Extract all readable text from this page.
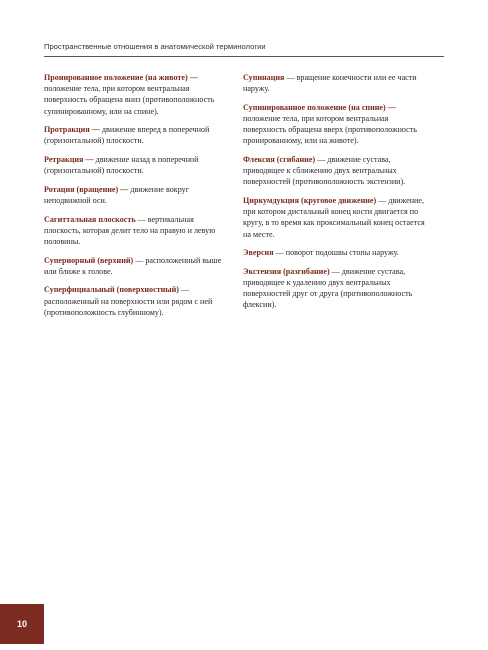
Пространственные отношения в анатомической терминологии

Пронированное положение (на животе) — положение тела, при котором вентральная поверхность обращена вниз (противоположность супинированному, или на спине).

Протракция — движение вперед в поперечной (горизонтальной) плоскости.

Ретракция — движение назад в поперечной (горизонтальной) плоскости.

Ротация (вращение) — движение вокруг неподвижной оси.

Сагиттальная плоскость — вертикальная плоскость, которая делит тело на правую и левую половины.

Супериорный (верхний) — расположенный выше или ближе к голове.

Суперфициальный (поверхностный) — расположенный на поверхности или рядом с ней (противоположность глубинному).

Супинация — вращение конечности или ее части наружу.

Супинированное положение (на спине) — положение тела, при котором вентральная поверхность обращена вверх (противоположность пронированному, или на животе).

Флексия (сгибание) — движение сустава, приводящее к сближению двух вентральных поверхностей (противоположность экстензии).

Циркумдукция (круговое движение) — движение, при котором дистальный конец кости двигается по кругу, в то время как проксимальный конец остается на месте.

Эверсия — поворот подошвы стопы наружу.

Экстензия (разгибание) — движение сустава, приводящее к удалению двух вентральных поверхностей друг от друга (противоположность флексии).

10
